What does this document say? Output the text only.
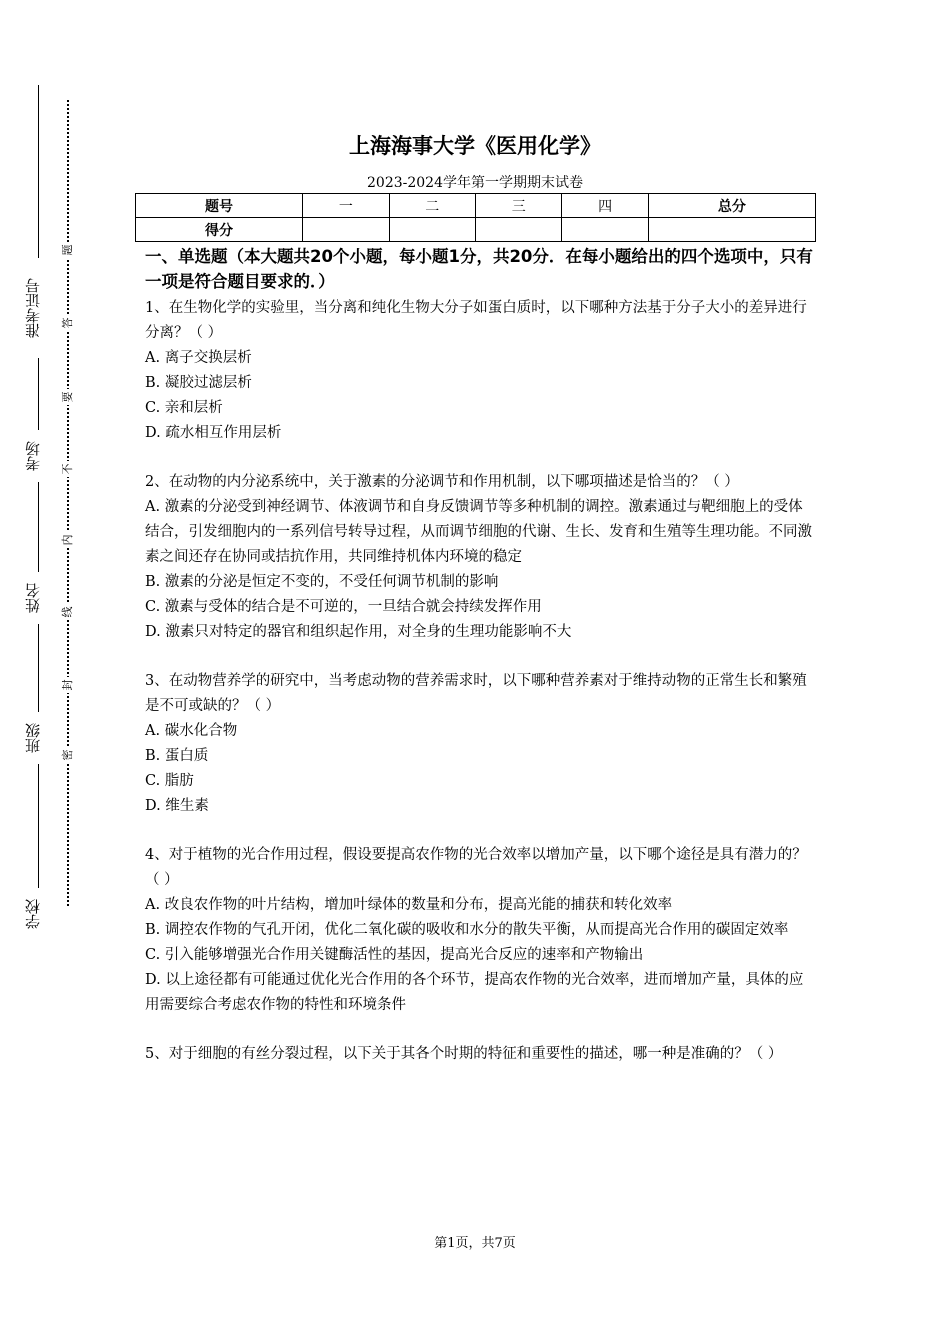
准考证号
考场
姓名
班级
学校
题
答
要
不
内
线
封
密
上海海事大学《医用化学》
2023-2024学年第一学期期末试卷
题号	一	二	三	四	总分
得分					

一、单选题（本大题共20个小题，每小题1分，共20分．在每小题给出的四个选项中，只有一项是符合题目要求的．）

1、在生物化学的实验里，当分离和纯化生物大分子如蛋白质时，以下哪种方法基于分子大小的差异进行分离？（ ）

A. 离子交换层析

B. 凝胶过滤层析

C. 亲和层析

D. 疏水相互作用层析

2、在动物的内分泌系统中，关于激素的分泌调节和作用机制，以下哪项描述是恰当的？（ ）

A. 激素的分泌受到神经调节、体液调节和自身反馈调节等多种机制的调控。激素通过与靶细胞上的受体结合，引发细胞内的一系列信号转导过程，从而调节细胞的代谢、生长、发育和生殖等生理功能。不同激素之间还存在协同或拮抗作用，共同维持机体内环境的稳定

B. 激素的分泌是恒定不变的，不受任何调节机制的影响

C. 激素与受体的结合是不可逆的，一旦结合就会持续发挥作用

D. 激素只对特定的器官和组织起作用，对全身的生理功能影响不大

3、在动物营养学的研究中，当考虑动物的营养需求时，以下哪种营养素对于维持动物的正常生长和繁殖是不可或缺的？（ ）

A. 碳水化合物

B. 蛋白质

C. 脂肪

D. 维生素

4、对于植物的光合作用过程，假设要提高农作物的光合效率以增加产量，以下哪个途径是具有潜力的？（ ）

A. 改良农作物的叶片结构，增加叶绿体的数量和分布，提高光能的捕获和转化效率

B. 调控农作物的气孔开闭，优化二氧化碳的吸收和水分的散失平衡，从而提高光合作用的碳固定效率

C. 引入能够增强光合作用关键酶活性的基因，提高光合反应的速率和产物输出

D. 以上途径都有可能通过优化光合作用的各个环节，提高农作物的光合效率，进而增加产量，具体的应用需要综合考虑农作物的特性和环境条件

5、对于细胞的有丝分裂过程，以下关于其各个时期的特征和重要性的描述，哪一种是准确的？（ ）

第1页，共7页
